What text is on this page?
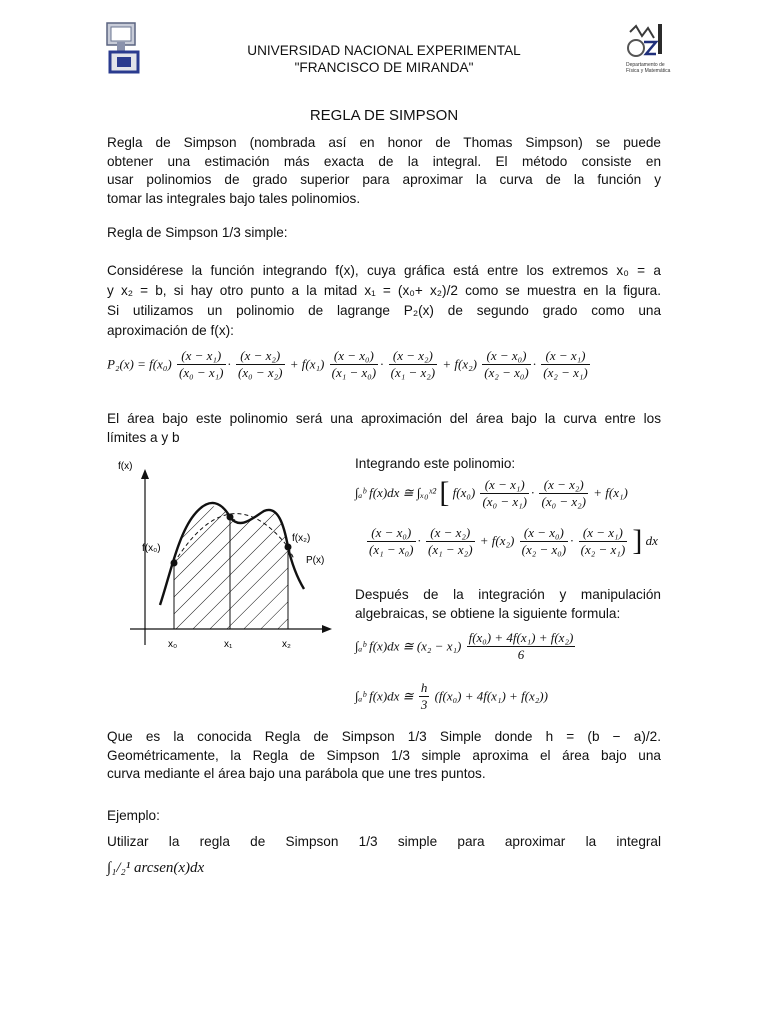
Departamento de
Física y Matemática
UNIVERSIDAD NACIONAL EXPERIMENTAL
"FRANCISCO DE MIRANDA"
REGLA DE SIMPSON
Regla de Simpson (nombrada así en honor de Thomas Simpson) se puede
obtener una estimación más exacta de la integral. El método consiste en
usar polinomios de grado superior para aproximar la curva de la función y
tomar las integrales bajo tales polinomios.
Regla de Simpson 1/3 simple:
Considérese la función integrando f(x), cuya gráfica está entre los extremos x₀ = a
y x₂ = b, si hay otro punto a la mitad x₁ = (x₀+ x₂)/2 como se muestra en la figura.
Si utilizamos un polinomio de lagrange P₂(x) de segundo grado como una
aproximación de f(x):
$P_2(x) = f(x_0) \frac{\text{(x − x₁)}}{\text{(x₀ − x₁)}} \cdot \frac{\text{(x − x₂)}}{\text{(x₀ − x₂)}} + f(x_1) \frac{\text{(x − x₀)}}{\text{(x₁ − x₀)}} \cdot \frac{\text{(x − x₂)}}{\text{(x₁ − x₂)}} + f(x_2) \frac{\text{(x − x₀)}}{\text{(x₂ − x₀)}} \cdot \frac{\text{(x − x₁)}}{\text{(x₂ − x₁)}}$
El área bajo este polinomio será una aproximación del área bajo la curva entre los
límites a y b
f(x)
f(x₀)
f(x₂)
P(x)
x₀	x₁	x₂
Integrando este polinomio:
∫ₐᵇ f(x)dx ≅ ∫ₓ₀ˣ² [ $f(x_0) \frac{\text{(x − x₁)}}{\text{(x₀ − x₁)}} \cdot \frac{\text{(x − x₂)}}{\text{(x₀ − x₂)}} + f(x_1)$
$\frac{\text{(x − x₀)}}{\text{(x₁ − x₀)}} \cdot \frac{\text{(x − x₂)}}{\text{(x₁ − x₂)}} + f(x_2) \frac{\text{(x − x₀)}}{\text{(x₂ − x₀)}} \cdot \frac{\text{(x − x₁)}}{\text{(x₂ − x₁)}}$ ] dx
Después de la integración y manipulación
algebraicas, se obtiene la siguiente formula:
∫ₐᵇ f(x)dx ≅ $(x_2 - x_1) \frac{\text{f(x₀) + 4f(x₁) + f(x₂)}}{6}$
∫ₐᵇ f(x)dx ≅ $\frac{h}{3} (f(x_0) + 4f(x_1) + f(x_2))$
Que es la conocida Regla de Simpson 1/3 Simple donde h = (b − a)/2.
Geométricamente, la Regla de Simpson 1/3 simple aproxima el área bajo una
curva mediante el área bajo una parábola que une tres puntos.
Ejemplo:
Utilizar la regla de Simpson 1/3 simple para aproximar la integral
∫₁/₂¹ arcsen(x)dx
